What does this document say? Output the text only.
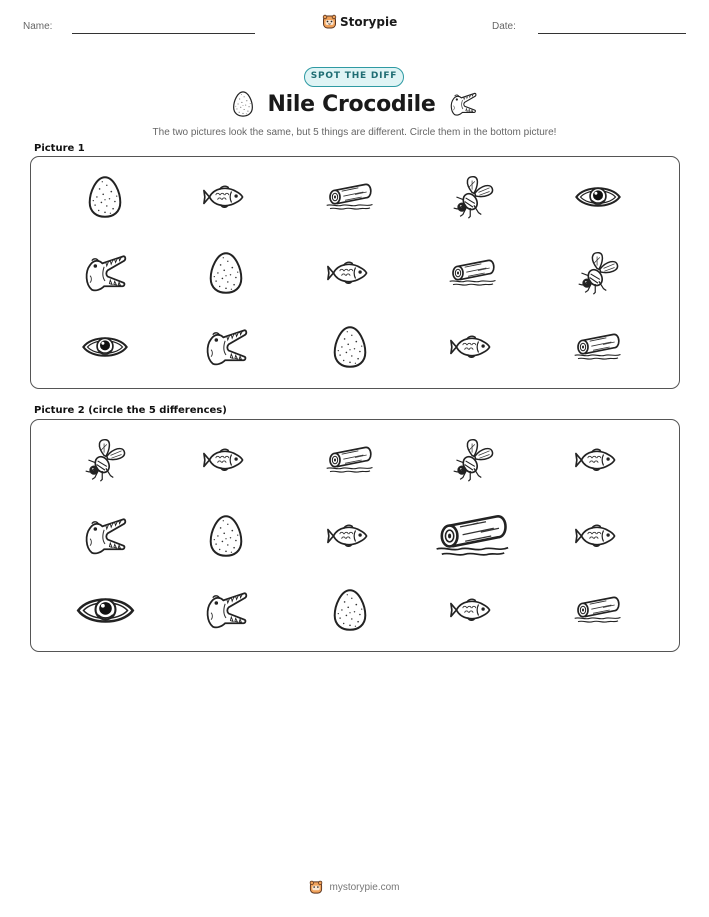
Name:	Storypie	Date:
SPOT THE DIFF
Nile Crocodile
The two pictures look the same, but 5 things are different. Circle them in the bottom picture!
Picture 1
Picture 2 (circle the 5 differences)
mystorypie.com
